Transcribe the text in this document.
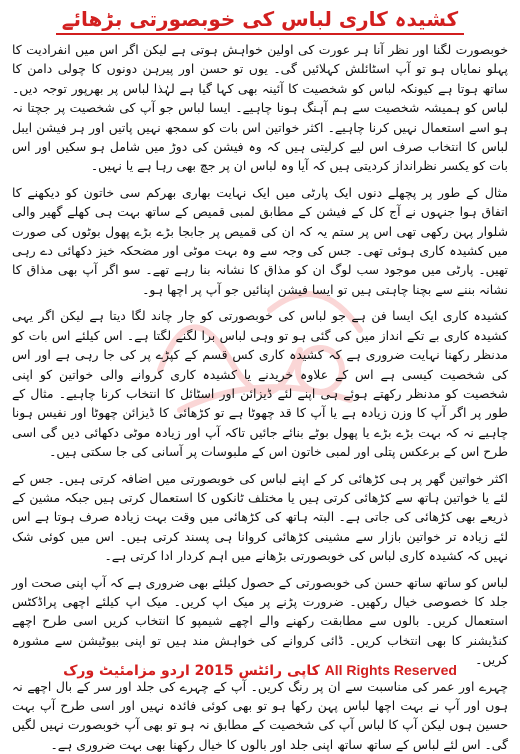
کشیدہ کاری لباس کی خوبصورتی بڑھائے

خوبصورت لگنا اور نظر آنا ہر عورت کی اولین خواہش ہوتی ہے لیکن اگر اس میں انفرادیت کا پہلو نمایاں ہو تو آپ اسٹائلش کہلائیں گی۔ یوں تو حسن اور پیرہن دونوں کا چولی دامن کا ساتھ ہوتا ہے کیونکہ لباس کو شخصیت کا آئینہ بھی کہا گیا ہے لہٰذا لباس پر بھرپور توجہ دیں۔ لباس کو ہمیشہ شخصیت سے ہم آہنگ ہونا چاہیے۔ ایسا لباس جو آپ کی شخصیت پر جچتا نہ ہو اسے استعمال نہیں کرنا چاہیے۔ اکثر خواتین اس بات کو سمجھ نہیں پاتیں اور ہر فیشن ایبل لباس کا انتخاب صرف اس لیے کرلیتی ہیں کہ وہ فیشن کی دوڑ میں شامل ہو سکیں اور اس بات کو یکسر نظرانداز کردیتی ہیں کہ آیا وہ لباس ان پر جچ بھی رہا ہے یا نہیں۔

مثال کے طور پر پچھلے دنوں ایک پارٹی میں ایک نہایت بھاری بھرکم سی خاتون کو دیکھنے کا اتفاق ہوا جنہوں نے آج کل کے فیشن کے مطابق لمبی قمیص کے ساتھ بہت ہی کھلے گھیر والی شلوار پہن رکھی تھی اس پر ستم یہ کہ ان کی قمیص پر جابجا بڑے بڑے پھول بوٹوں کی صورت میں کشیدہ کاری ہوئی تھی۔ جس کی وجہ سے وہ بہت موٹی اور مضحکہ خیز دکھائی دے رہی تھیں۔ پارٹی میں موجود سب لوگ ان کو مذاق کا نشانہ بنا رہے تھے۔ سو اگر آپ بھی مذاق کا نشانہ بننے سے بچنا چاہتی ہیں تو ایسا فیشن اپنائیں جو آپ پر اچھا ہو۔

کشیدہ کاری ایک ایسا فن ہے جو لباس کی خوبصورتی کو چار چاند لگا دیتا ہے لیکن اگر یہی کشیدہ کاری بے تکے انداز میں کی گئی ہو تو وہی لباس برا لگنے لگتا ہے۔ اس کیلئے اس بات کو مدنظر رکھنا نہایت ضروری ہے کہ کشیدہ کاری کس قسم کے کپڑے پر کی جا رہی ہے اور اس کی شخصیت کیسی ہے اس کے علاوہ خریدنے یا کشیدہ کاری کروانے والی خواتین کو اپنی شخصیت کو مدنظر رکھتے ہوئے ہی اپنے لئے ڈیزائن اور اسٹائل کا انتخاب کرنا چاہیے۔ مثال کے طور پر اگر آپ کا وزن زیادہ ہے یا آپ کا قد چھوٹا ہے تو کڑھائی کا ڈیزائن چھوٹا اور نفیس ہونا چاہیے نہ کہ بہت بڑے بڑے یا پھول بوٹے بنائے جائیں تاکہ آپ اور زیادہ موٹی دکھائی دیں گی اسی طرح اس کے برعکس پتلی اور لمبی خاتون اس کے ملبوسات پر آسانی کی جا سکتی ہیں۔

اکثر خواتین گھر پر ہی کڑھائی کر کے اپنے لباس کی خوبصورتی میں اضافہ کرتی ہیں۔ جس کے لئے یا خواتین ہاتھ سے کڑھائی کرتی ہیں یا مختلف ٹانکوں کا استعمال کرتی ہیں جبکہ مشین کے ذریعے بھی کڑھائی کی جاتی ہے۔ البتہ ہاتھ کی کڑھائی میں وقت بہت زیادہ صرف ہوتا ہے اس لئے زیادہ تر خواتین بازار سے مشینی کڑھائی کروانا ہی پسند کرتی ہیں۔ اس میں کوئی شک نہیں کہ کشیدہ کاری لباس کی خوبصورتی بڑھانے میں اہم کردار ادا کرتی ہے۔

لباس کو ساتھ ساتھ حسن کی خوبصورتی کے حصول کیلئے بھی ضروری ہے کہ آپ اپنی صحت اور جلد کا خصوصی خیال رکھیں۔ ضرورت پڑنے پر میک اپ کریں۔ میک اپ کیلئے اچھی پراڈکٹس استعمال کریں۔ بالوں سے مطابقت رکھنے والے اچھے شیمپو کا انتخاب کریں اسی طرح اچھے کنڈیشنر کا بھی انتخاب کریں۔ ڈائی کروانے کی خواہش مند ہیں تو اپنی بیوٹیشن سے مشورہ کریں۔

چہرے اور عمر کی مناسبت سے ان پر رنگ کریں۔ آپ کے چہرے کی جلد اور سر کے بال اچھے نہ ہوں اور آپ نے بہت اچھا لباس پہن رکھا ہو تو بھی کوئی فائدہ نہیں اور اسی طرح آپ بہت حسین ہوں لیکن آپ کا لباس آپ کی شخصیت کے مطابق نہ ہو تو بھی آپ خوبصورت نہیں لگیں گی۔ اس لئے لباس کے ساتھ ساتھ اپنی جلد اور بالوں کا خیال رکھنا بھی بہت ضروری ہے۔

کاپی رائٹس 2015 اردو مزامئیٹ ورک All Rights Reserved
